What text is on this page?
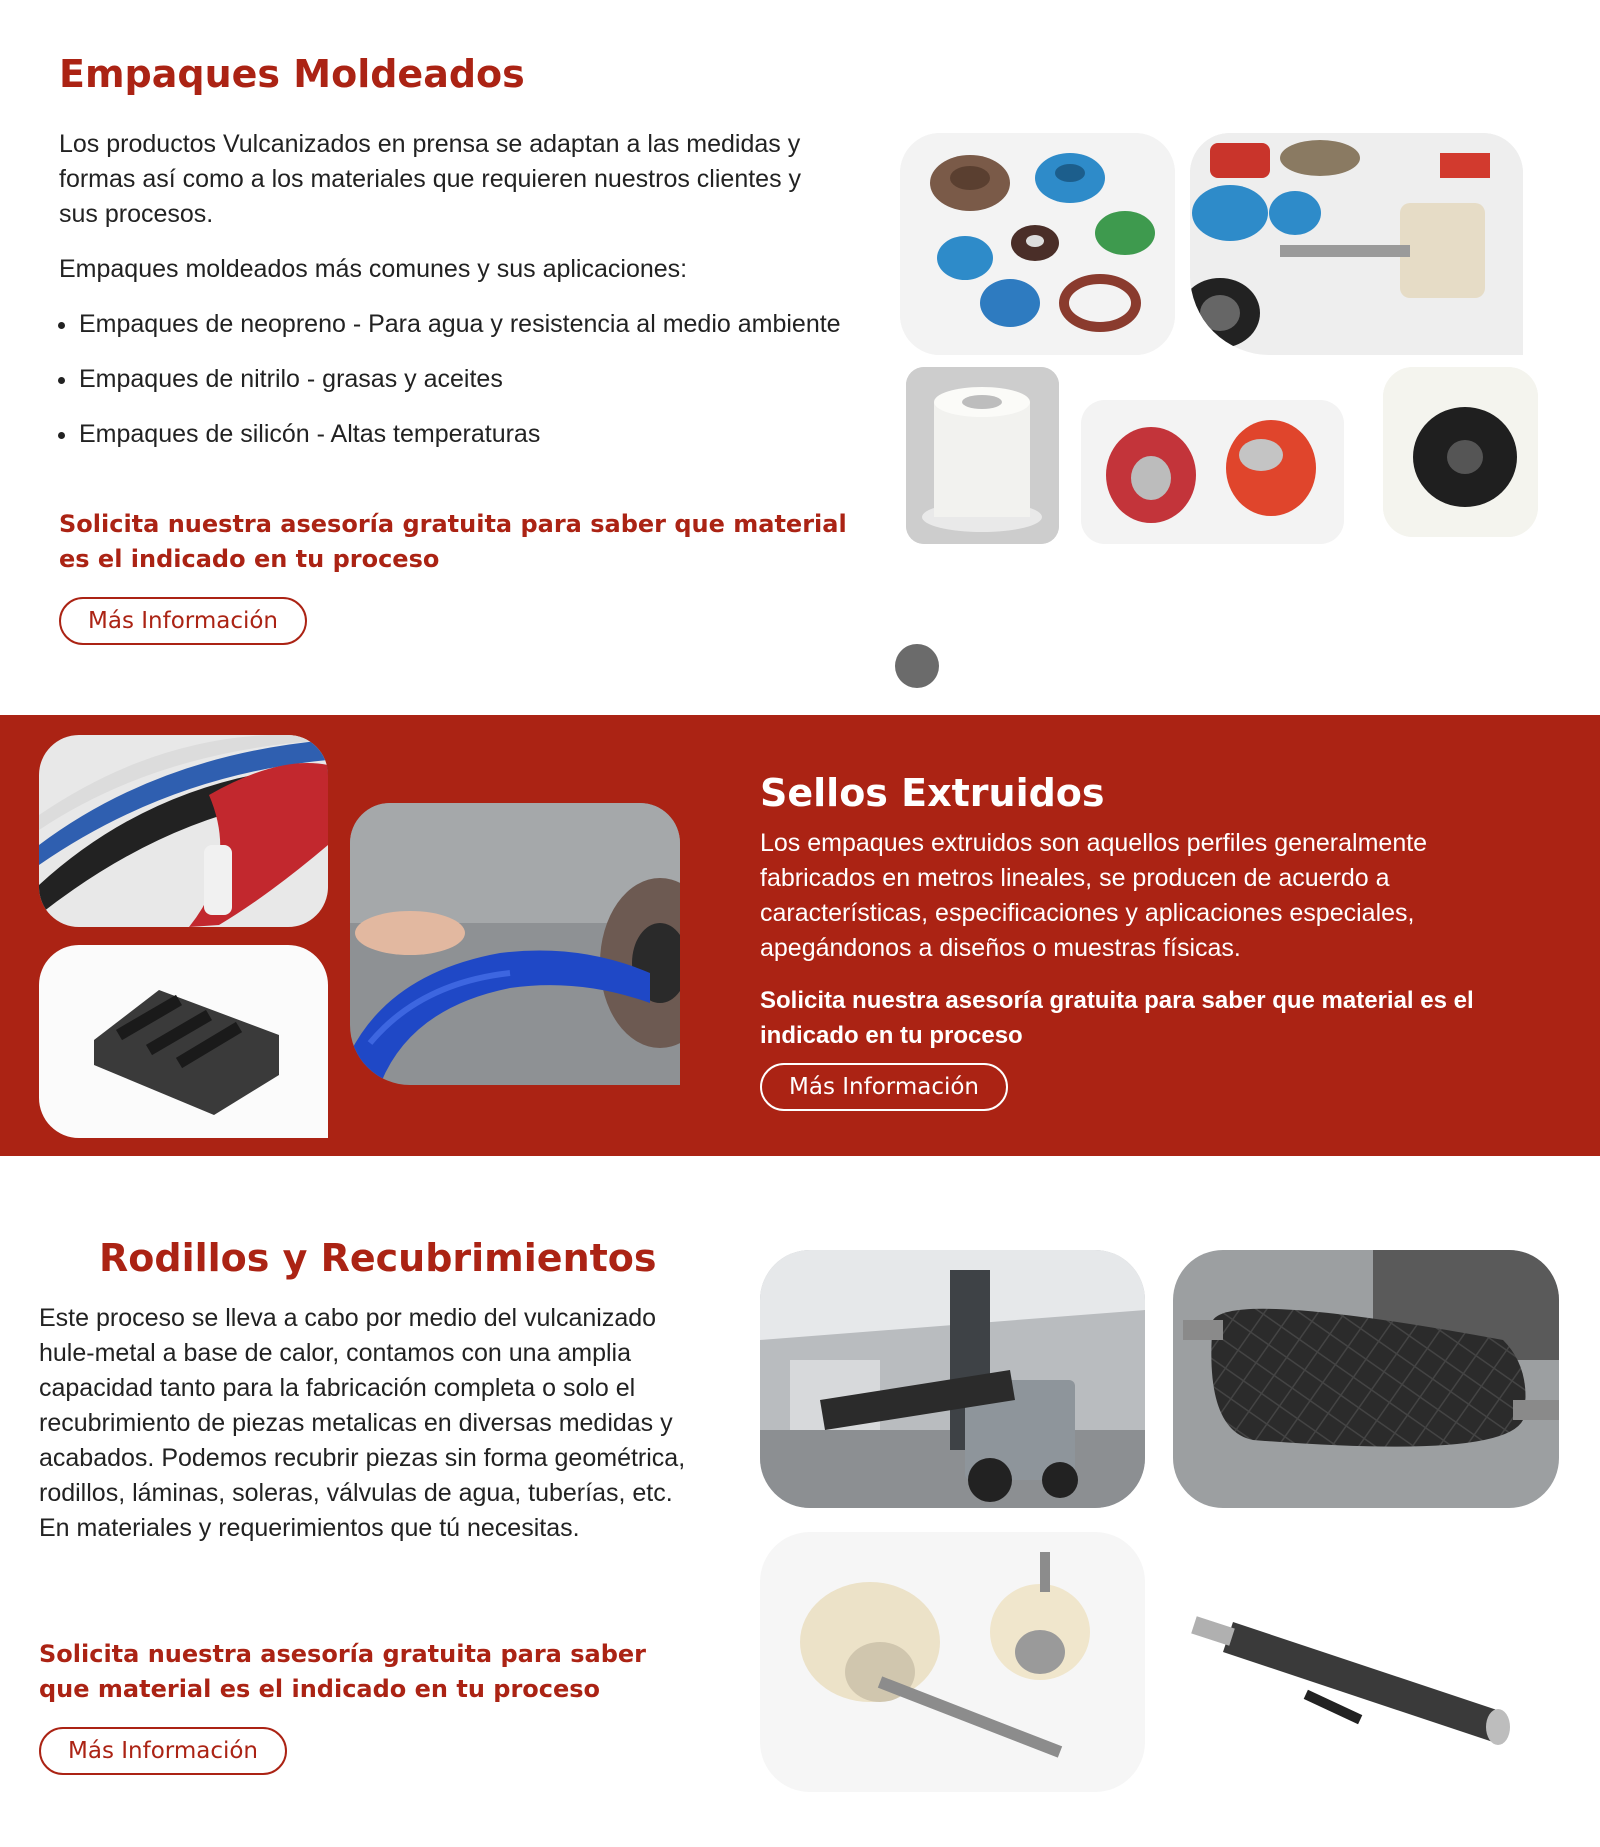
Empaques Moldeados

Los productos Vulcanizados en prensa se adaptan a las medidas y formas así como a los materiales que requieren nuestros clientes y sus procesos.

Empaques moldeados más comunes y sus aplicaciones:

• Empaques de neopreno - Para agua y resistencia al medio ambiente
• Empaques de nitrilo - grasas y aceites
• Empaques de silicón - Altas temperaturas

Solicita nuestra asesoría gratuita para saber que material es el indicado en tu proceso

Más Información
Sellos Extruidos

Los empaques extruidos son aquellos perfiles generalmente fabricados en metros lineales, se producen de acuerdo a características, especificaciones y aplicaciones especiales, apegándonos a diseños o muestras físicas.

Solicita nuestra asesoría gratuita para saber que material es el indicado en tu proceso

Más Información
Rodillos y Recubrimientos

Este proceso se lleva a cabo por medio del vulcanizado hule-metal a base de calor, contamos con una amplia capacidad tanto para la fabricación completa o solo el recubrimiento de piezas metalicas en diversas medidas y acabados. Podemos recubrir piezas sin forma geométrica, rodillos, láminas, soleras, válvulas de agua, tuberías, etc. En materiales y requerimientos que tú necesitas.

Solicita nuestra asesoría gratuita para saber que material es el indicado en tu proceso

Más Información
